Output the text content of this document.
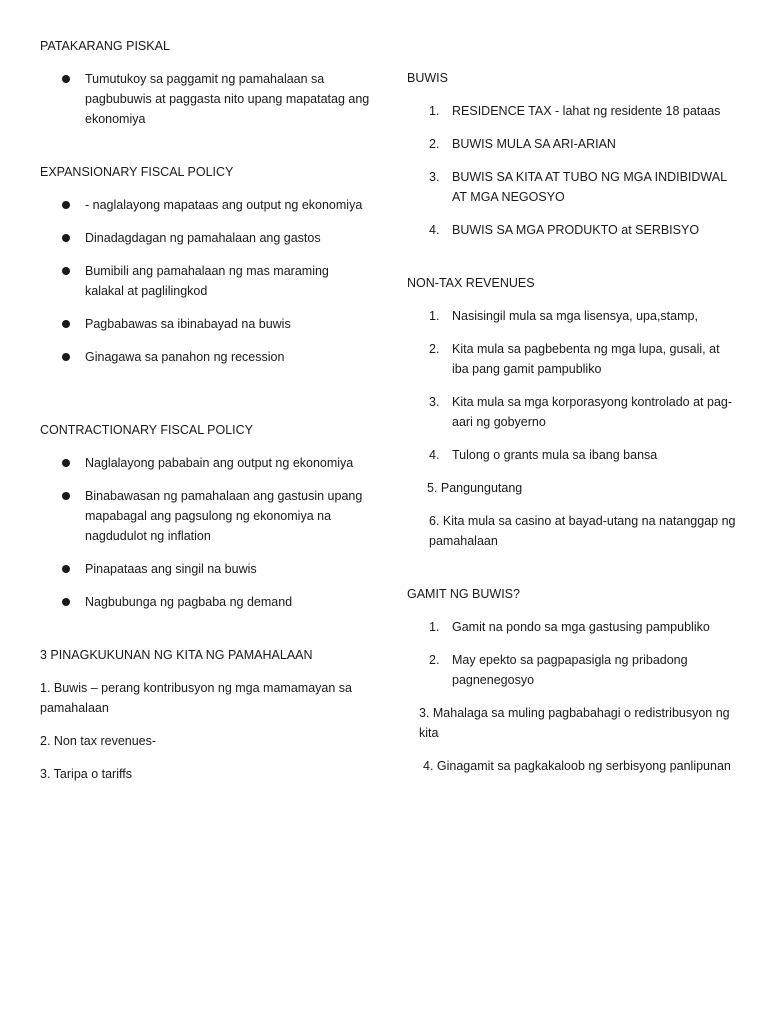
PATAKARANG PISKAL
Tumutukoy sa paggamit ng pamahalaan sa pagbubuwis at paggasta nito upang mapatatag ang ekonomiya
EXPANSIONARY FISCAL POLICY
- naglalayong mapataas ang output ng ekonomiya
Dinadagdagan ng pamahalaan ang gastos
Bumibili ang pamahalaan ng mas maraming kalakal at paglilingkod
Pagbabawas sa ibinabayad na buwis
Ginagawa sa panahon ng recession
CONTRACTIONARY FISCAL POLICY
Naglalayong pababain ang output ng ekonomiya
Binabawasan ng pamahalaan ang gastusin upang mapabagal ang pagsulong ng ekonomiya na nagdudulot ng inflation
Pinapataas ang singil na buwis
Nagbubunga ng pagbaba ng demand
3 PINAGKUKUNAN NG KITA NG PAMAHALAAN
1. Buwis – perang kontribusyon ng mga mamamayan sa pamahalaan
2. Non tax revenues-
3. Taripa o tariffs
BUWIS
1. RESIDENCE TAX - lahat ng residente 18 pataas
2. BUWIS MULA SA ARI-ARIAN
3. BUWIS SA KITA AT TUBO NG MGA INDIBIDWAL AT MGA NEGOSYO
4. BUWIS SA MGA PRODUKTO at SERBISYO
NON-TAX REVENUES
1. Nasisingil mula sa mga lisensya, upa,stamp,
2. Kita mula sa pagbebenta ng mga lupa, gusali, at iba pang gamit pampubliko
3. Kita mula sa mga korporasyong kontrolado at pag-aari ng gobyerno
4. Tulong o grants mula sa ibang bansa
5. Pangungutang
6. Kita mula sa casino at bayad-utang na natanggap ng pamahalaan
GAMIT NG BUWIS?
1. Gamit na pondo sa mga gastusing pampubliko
2. May epekto sa pagpapasigla ng pribadong pagnenegosyo
3. Mahalaga sa muling pagbabahagi o redistribusyon ng kita
4. Ginagamit sa pagkakaloob ng serbisyong panlipunan
